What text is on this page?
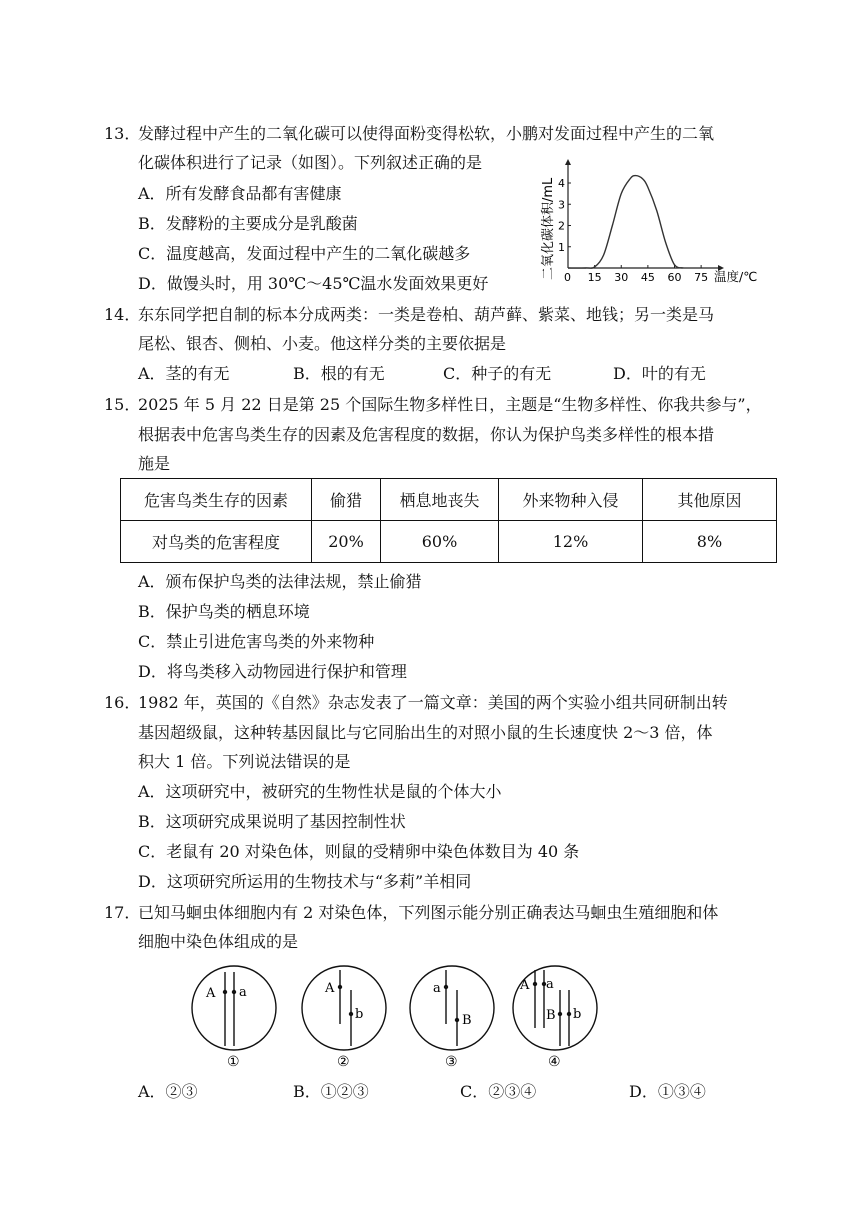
13．
发酵过程中产生的二氧化碳可以使得面粉变得松软，小鹏对发面过程中产生的二氧
化碳体积进行了记录（如图）。下列叙述正确的是
A．所有发酵食品都有害健康
B．发酵粉的主要成分是乳酸菌
C．温度越高，发面过程中产生的二氧化碳越多
D．做馒头时，用 30℃～45℃温水发面效果更好
二氧化碳体积/mL 1
2
3
4
0 15 30 45 60 75 温度/℃
14．
东东同学把自制的标本分成两类：一类是卷柏、葫芦藓、紫菜、地钱；另一类是马
尾松、银杏、侧柏、小麦。他这样分类的主要依据是
A．茎的有无	B．根的有无	C．种子的有无	D．叶的有无
15．
2025 年 5 月 22 日是第 25 个国际生物多样性日，主题是“生物多样性、你我共参与”，
根据表中危害鸟类生存的因素及危害程度的数据，你认为保护鸟类多样性的根本措
施是
危害鸟类生存的因素	偷猎	栖息地丧失	外来物种入侵	其他原因
对鸟类的危害程度	20%	60%	12%	8%
A．颁布保护鸟类的法律法规，禁止偷猎
B．保护鸟类的栖息环境
C．禁止引进危害鸟类的外来物种
D．将鸟类移入动物园进行保护和管理
16．
1982 年，英国的《自然》杂志发表了一篇文章：美国的两个实验小组共同研制出转
基因超级鼠，这种转基因鼠比与它同胎出生的对照小鼠的生长速度快 2～3 倍，体
积大 1 倍。下列说法错误的是
A．这项研究中，被研究的生物性状是鼠的个体大小
B．这项研究成果说明了基因控制性状
C．老鼠有 20 对染色体，则鼠的受精卵中染色体数目为 40 条
D．这项研究所运用的生物技术与“多莉”羊相同
17．
已知马蛔虫体细胞内有 2 对染色体，下列图示能分别正确表达马蛔虫生殖细胞和体
细胞中染色体组成的是
A a
①
A
b
②
a
B
③
A a
B b
④
A．②③	B．①②③	C．②③④	D．①③④
